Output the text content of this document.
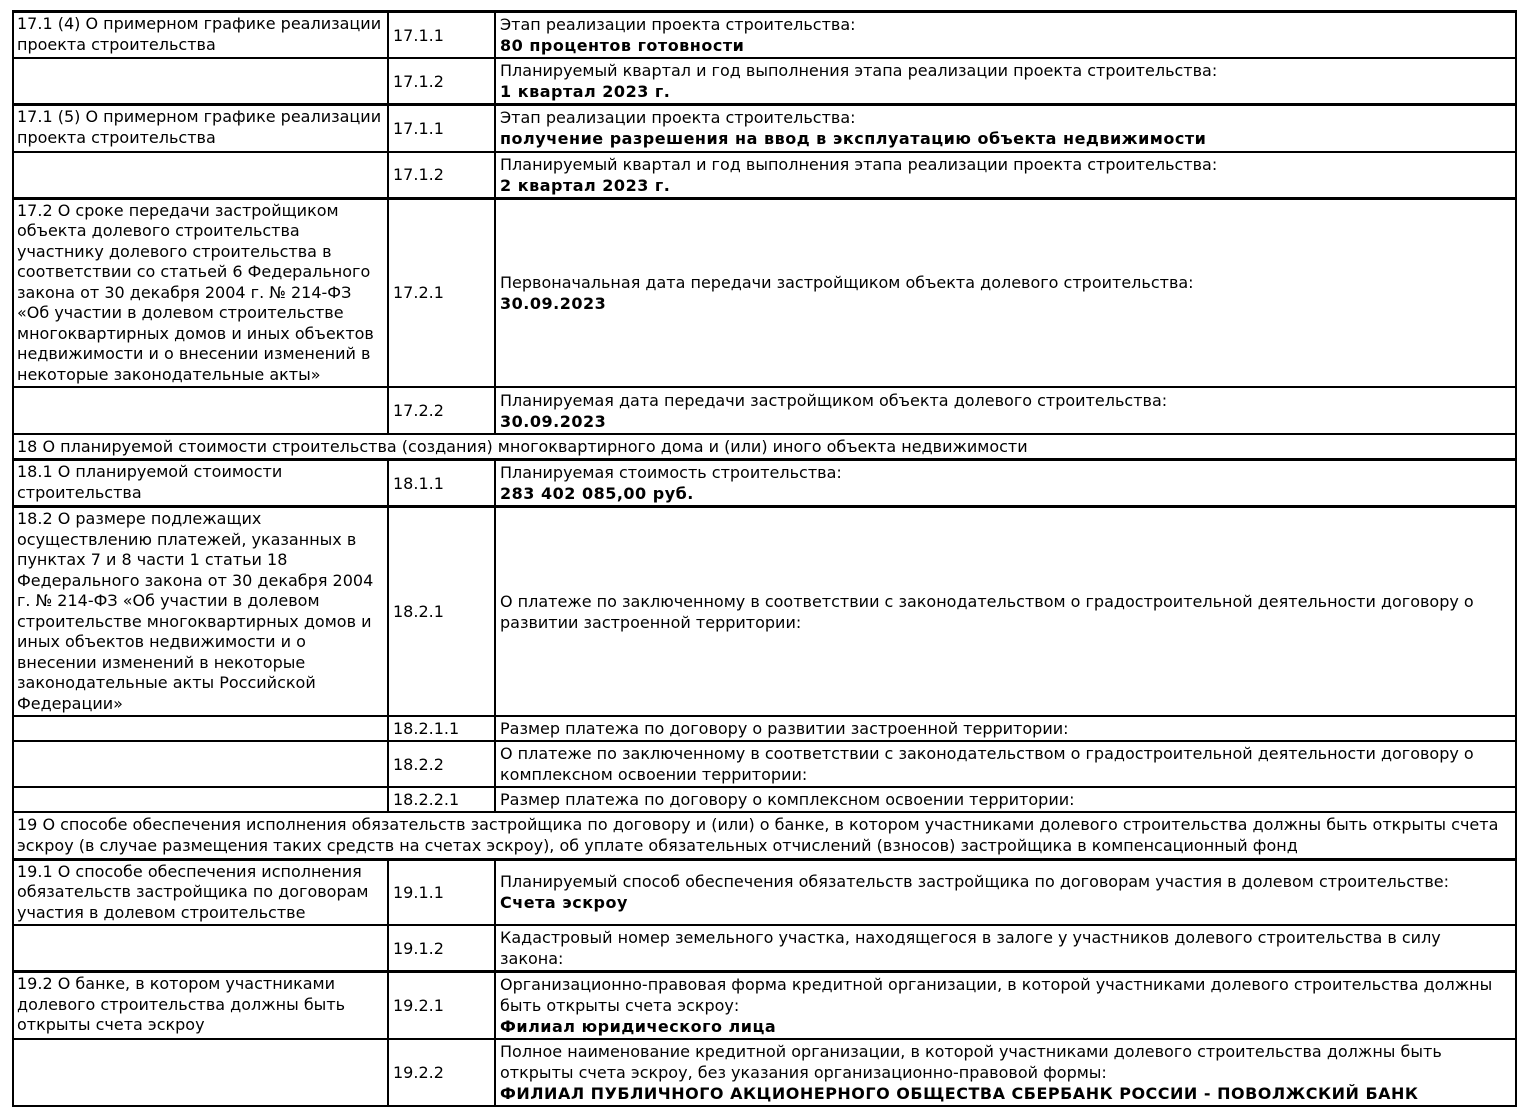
17.1 (4) О примерном графике реализации проекта строительства	17.1.1	Этап реализации проекта строительства:
80 процентов готовности

	17.1.2	Планируемый квартал и год выполнения этапа реализации проекта строительства:
1 квартал 2023 г.

17.1 (5) О примерном графике реализации проекта строительства	17.1.1	Этап реализации проекта строительства:
получение разрешения на ввод в эксплуатацию объекта недвижимости

	17.1.2	Планируемый квартал и год выполнения этапа реализации проекта строительства:
2 квартал 2023 г.

17.2 О сроке передачи застройщиком объекта долевого строительства участнику долевого строительства в соответствии со статьей 6 Федерального закона от 30 декабря 2004 г. № 214-ФЗ «Об участии в долевом строительстве многоквартирных домов и иных объектов недвижимости и о внесении изменений в некоторые законодательные акты»	17.2.1	Первоначальная дата передачи застройщиком объекта долевого строительства:
30.09.2023

	17.2.2	Планируемая дата передачи застройщиком объекта долевого строительства:
30.09.2023

18 О планируемой стоимости строительства (создания) многоквартирного дома и (или) иного объекта недвижимости		
18.1 О планируемой стоимости строительства	18.1.1	Планируемая стоимость строительства:
283 402 085,00 руб.

18.2 О размере подлежащих осуществлению платежей, указанных в пунктах 7 и 8 части 1 статьи 18 Федерального закона от 30 декабря 2004 г. № 214-ФЗ «Об участии в долевом строительстве многоквартирных домов и иных объектов недвижимости и о внесении изменений в некоторые законодательные акты Российской Федерации»	18.2.1	О платеже по заключенному в соответствии с законодательством о градостроительной деятельности договору о развитии застроенной территории:

	18.2.1.1	Размер платежа по договору о развитии застроенной территории:

	18.2.2	О платеже по заключенному в соответствии с законодательством о градостроительной деятельности договору о комплексном освоении территории:

	18.2.2.1	Размер платежа по договору о комплексном освоении территории:

19 О способе обеспечения исполнения обязательств застройщика по договору и (или) о банке, в котором участниками долевого строительства должны быть открыты счета эскроу (в случае размещения таких средств на счетах эскроу), об уплате обязательных отчислений (взносов) застройщика в компенсационный фонд		
19.1 О способе обеспечения исполнения обязательств застройщика по договорам участия в долевом строительстве	19.1.1	Планируемый способ обеспечения обязательств застройщика по договорам участия в долевом строительстве:
Счета эскроу

	19.1.2	Кадастровый номер земельного участка, находящегося в залоге у участников долевого строительства в силу закона:

19.2 О банке, в котором участниками долевого строительства должны быть открыты счета эскроу	19.2.1	Организационно-правовая форма кредитной организации, в которой участниками долевого строительства должны быть открыты счета эскроу:
Филиал юридического лица

	19.2.2	Полное наименование кредитной организации, в которой участниками долевого строительства должны быть открыты счета эскроу, без указания организационно-правовой формы:
ФИЛИАЛ ПУБЛИЧНОГО АКЦИОНЕРНОГО ОБЩЕСТВА СБЕРБАНК РОССИИ - ПОВОЛЖСКИЙ БАНК
